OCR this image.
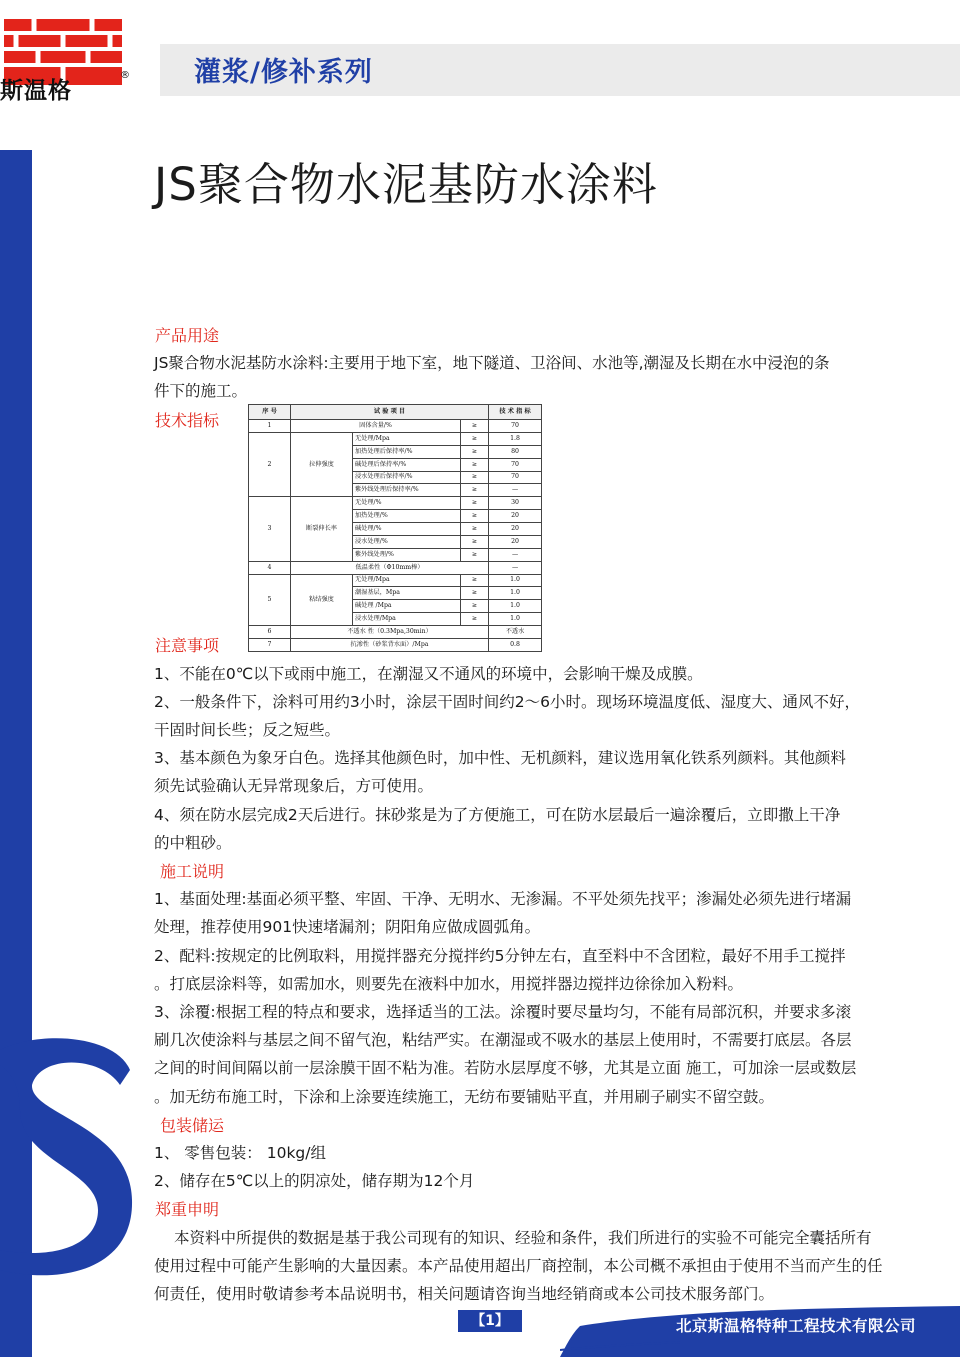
斯温格
® 灌浆/修补系列
JS聚合物水泥基防水涂料
产品用途
JS聚合物水泥基防水涂料:主要用于地下室，地下隧道、卫浴间、水池等,潮湿及长期在水中浸泡的条
件下的施工。
技术指标	序 号	试 验 项 目			技 术 指 标
1	固体含量/%		≥	70
2	拉伸强度	无处理/Mpa	≥	1.8
		加热处理后保持率/%	≥	80
		碱处理后保持率/%	≥	70
		浸水处理后保持率/%	≥	70
		紫外线处理后保持率/%	≥	—
3	断裂伸长率	无处理/%	≥	30
		加热处理/%	≥	20
		碱处理/%	≥	20
		浸水处理/%	≥	20
		紫外线处理/%	≥	—
4	低温柔性（Φ10mm棒）			—
5	粘结强度	无处理/Mpa	≥	1.0
		潮湿基层，Mpa	≥	1.0
		碱处理 /Mpa	≥	1.0
		浸水处理/Mpa	≥	1.0
6	不透水 性（0.3Mpa,30min）			不透水
7	抗渗性（砂浆背水面）/Mpa			0.8
注意事项
1、不能在0℃以下或雨中施工，在潮湿又不通风的环境中，会影响干燥及成膜。
2、一般条件下，涂料可用约3小时，涂层干固时间约2～6小时。现场环境温度低、湿度大、通风不好，
干固时间长些；反之短些。
3、基本颜色为象牙白色。选择其他颜色时，加中性、无机颜料，建议选用氧化铁系列颜料。其他颜料
须先试验确认无异常现象后，方可使用。
4、须在防水层完成2天后进行。抹砂浆是为了方便施工，可在防水层最后一遍涂覆后，立即撒上干净
的中粗砂。
施工说明
1、基面处理:基面必须平整、牢固、干净、无明水、无渗漏。不平处须先找平；渗漏处必须先进行堵漏
处理，推荐使用901快速堵漏剂；阴阳角应做成圆弧角。
2、配料:按规定的比例取料，用搅拌器充分搅拌约5分钟左右，直至料中不含团粒，最好不用手工搅拌
。打底层涂料等，如需加水，则要先在液料中加水，用搅拌器边搅拌边徐徐加入粉料。
3、涂覆:根据工程的特点和要求，选择适当的工法。涂覆时要尽量均匀，不能有局部沉积，并要求多滚
刷几次使涂料与基层之间不留气泡，粘结严实。在潮湿或不吸水的基层上使用时，不需要打底层。各层
之间的时间间隔以前一层涂膜干固不粘为准。若防水层厚度不够，尤其是立面 施工，可加涂一层或数层
。加无纺布施工时，下涂和上涂要连续施工，无纺布要铺贴平直，并用刷子刷实不留空鼓。
包装储运
1、 零售包装： 10kg/组
2、储存在5℃以上的阴凉处，储存期为12个月
郑重申明
本资料中所提供的数据是基于我公司现有的知识、经验和条件，我们所进行的实验不可能完全囊括所有
使用过程中可能产生影响的大量因素。本产品使用超出厂商控制，本公司概不承担由于使用不当而产生的任
何责任，使用时敬请参考本品说明书，相关问题请咨询当地经销商或本公司技术服务部门。
【1】	北京斯温格特种工程技术有限公司
